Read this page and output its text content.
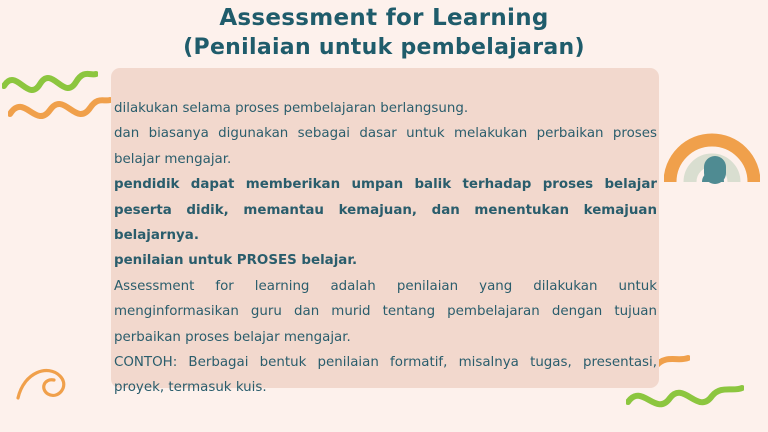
Assessment for Learning
(Penilaian untuk pembelajaran)

dilakukan selama proses pembelajaran berlangsung.

dan biasanya digunakan sebagai dasar untuk melakukan perbaikan proses belajar mengajar.

pendidik dapat memberikan umpan balik terhadap proses belajar peserta didik, memantau kemajuan, dan menentukan kemajuan belajarnya.

penilaian untuk PROSES belajar.

Assessment for learning adalah penilaian yang dilakukan untuk menginformasikan guru dan murid tentang pembelajaran dengan tujuan perbaikan proses belajar mengajar.

CONTOH: Berbagai bentuk penilaian formatif, misalnya tugas, presentasi, proyek, termasuk kuis.
